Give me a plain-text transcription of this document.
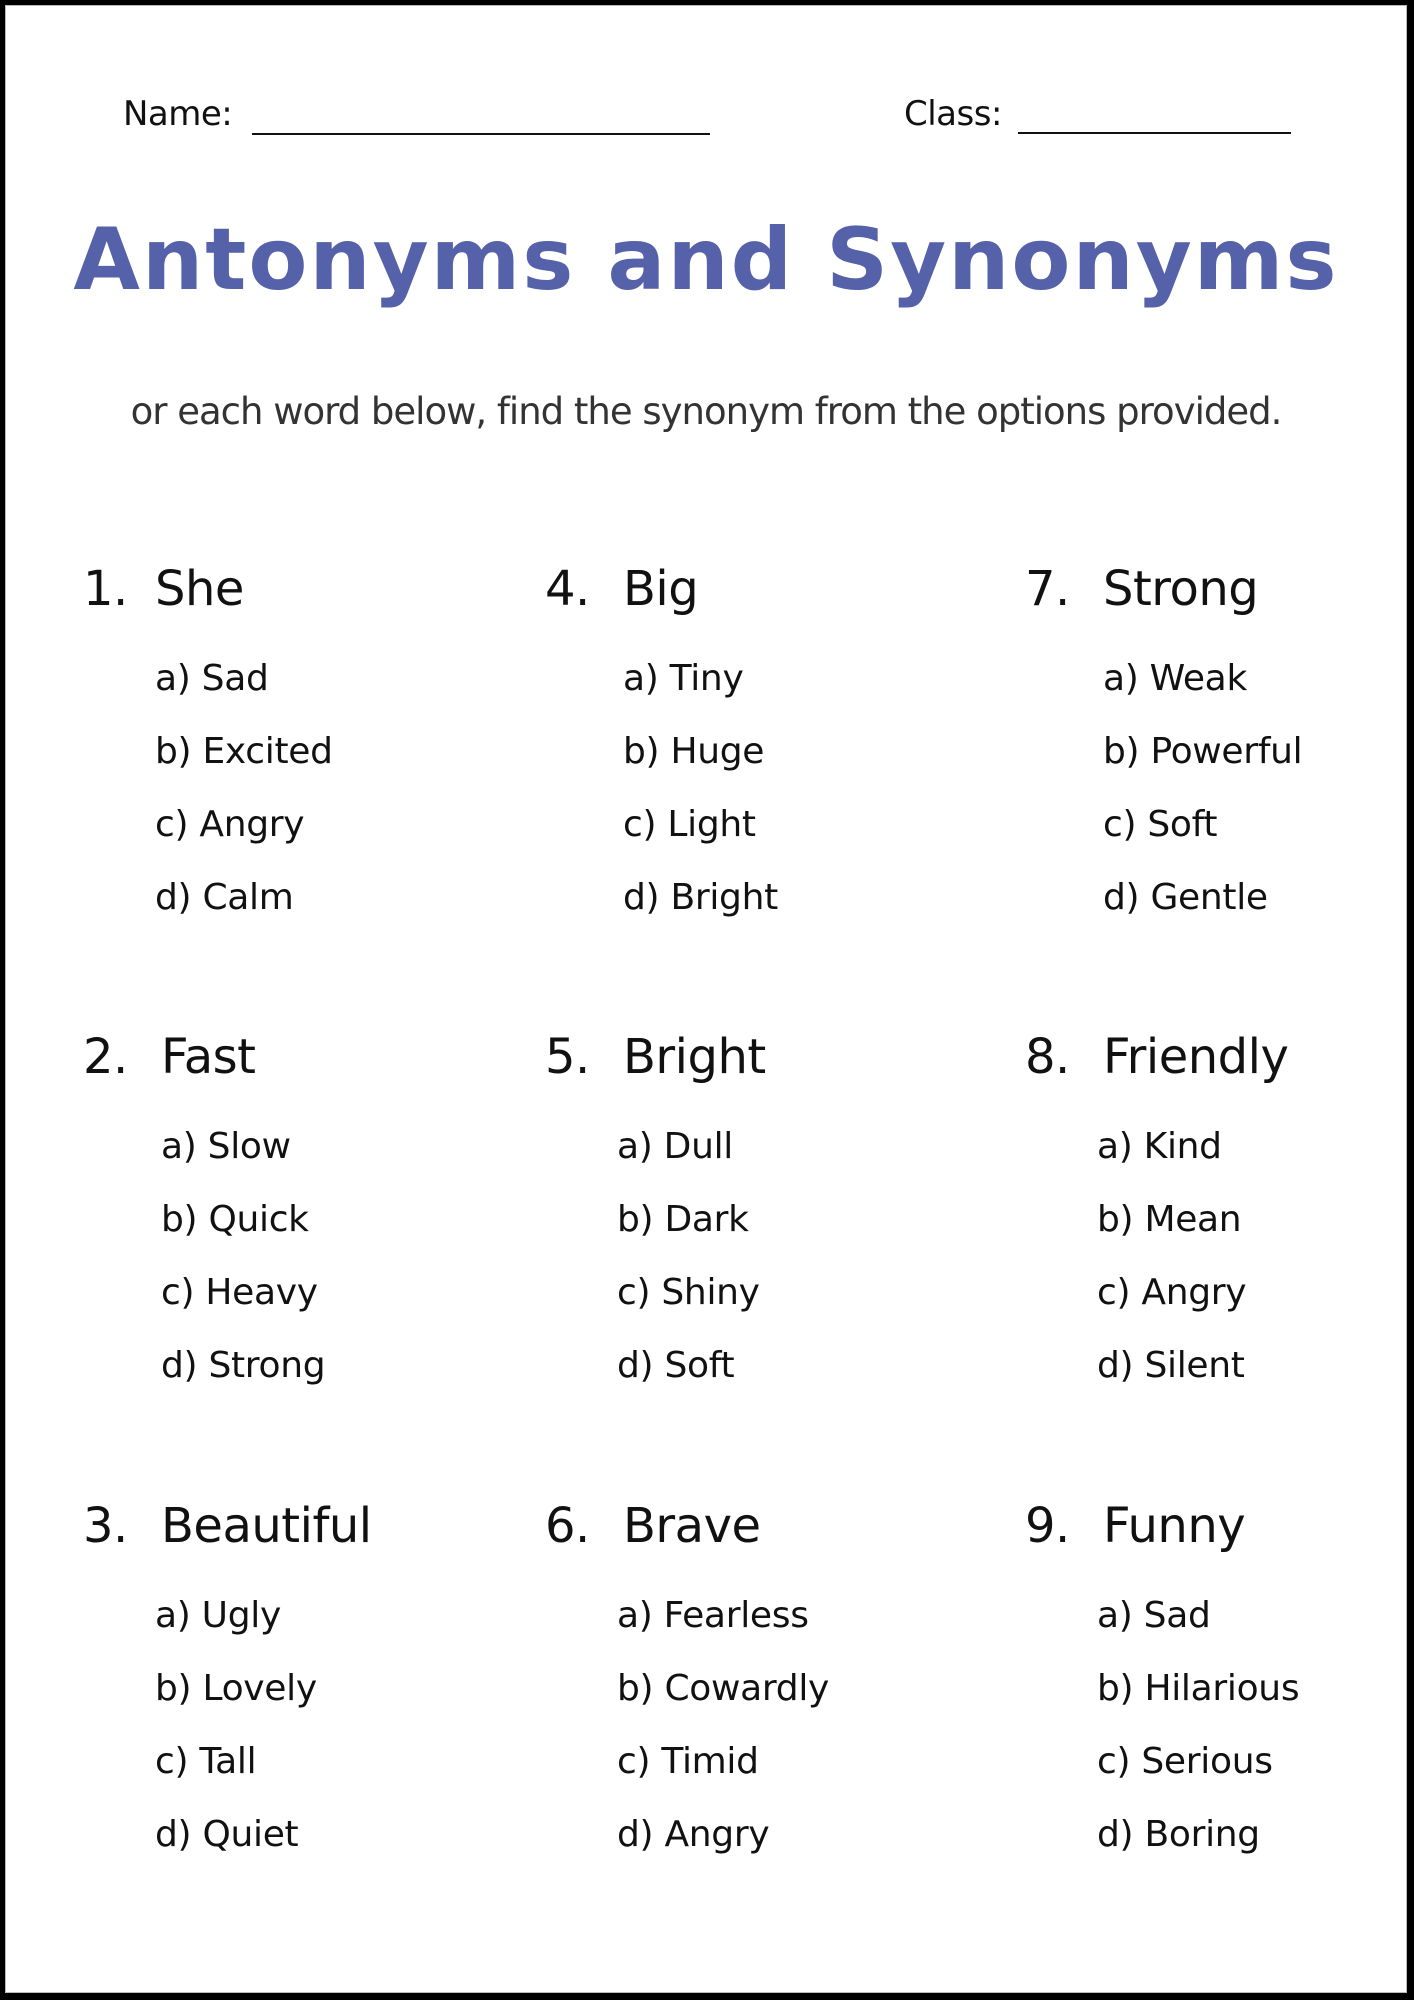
Name:	Class:
Antonyms and Synonyms
or each word below, find the synonym from the options provided.
1. She
a) Sad
b) Excited
c) Angry
d) Calm
2. Fast
a) Slow
b) Quick
c) Heavy
d) Strong
3. Beautiful
a) Ugly
b) Lovely
c) Tall
d) Quiet
4. Big
a) Tiny
b) Huge
c) Light
d) Bright
5. Bright
a) Dull
b) Dark
c) Shiny
d) Soft
6. Brave
a) Fearless
b) Cowardly
c) Timid
d) Angry
7. Strong
a) Weak
b) Powerful
c) Soft
d) Gentle
8. Friendly
a) Kind
b) Mean
c) Angry
d) Silent
9. Funny
a) Sad
b) Hilarious
c) Serious
d) Boring
